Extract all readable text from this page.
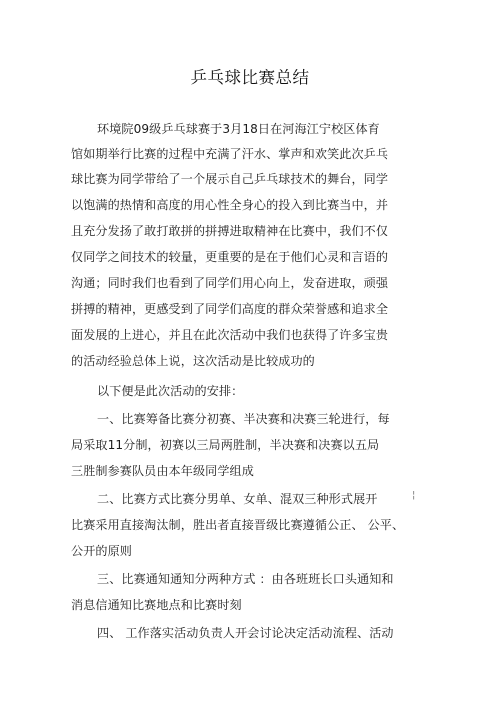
乒乓球比赛总结
环境院09级乒乓球赛于3月18日在河海江宁校区体育
馆如期举行比赛的过程中充满了汗水、掌声和欢笑此次乒乓
球比赛为同学带给了一个展示自己乒乓球技术的舞台，同学
以饱满的热情和高度的用心性全身心的投入到比赛当中，并
且充分发扬了敢打敢拼的拼搏进取精神在比赛中，我们不仅
仅同学之间技术的较量，更重要的是在于他们心灵和言语的
沟通；同时我们也看到了同学们用心向上，发奋进取，顽强
拼搏的精神，更感受到了同学们高度的群众荣誉感和追求全
面发展的上进心，并且在此次活动中我们也获得了许多宝贵
的活动经验总体上说，这次活动是比较成功的
以下便是此次活动的安排：
一、比赛筹备比赛分初赛、半决赛和决赛三轮进行，每
局采取11分制，初赛以三局两胜制，半决赛和决赛以五局
三胜制参赛队员由本年级同学组成
二、比赛方式比赛分男单、女单、混双三种形式展开
比赛采用直接淘汰制，胜出者直接晋级比赛遵循公正、 公平、
公开的原则
三、比赛通知通知分两种方式 ：由各班班长口头通知和
消息信通知比赛地点和比赛时刻
四、 工作落实活动负责人开会讨论决定活动流程、活动
¦
